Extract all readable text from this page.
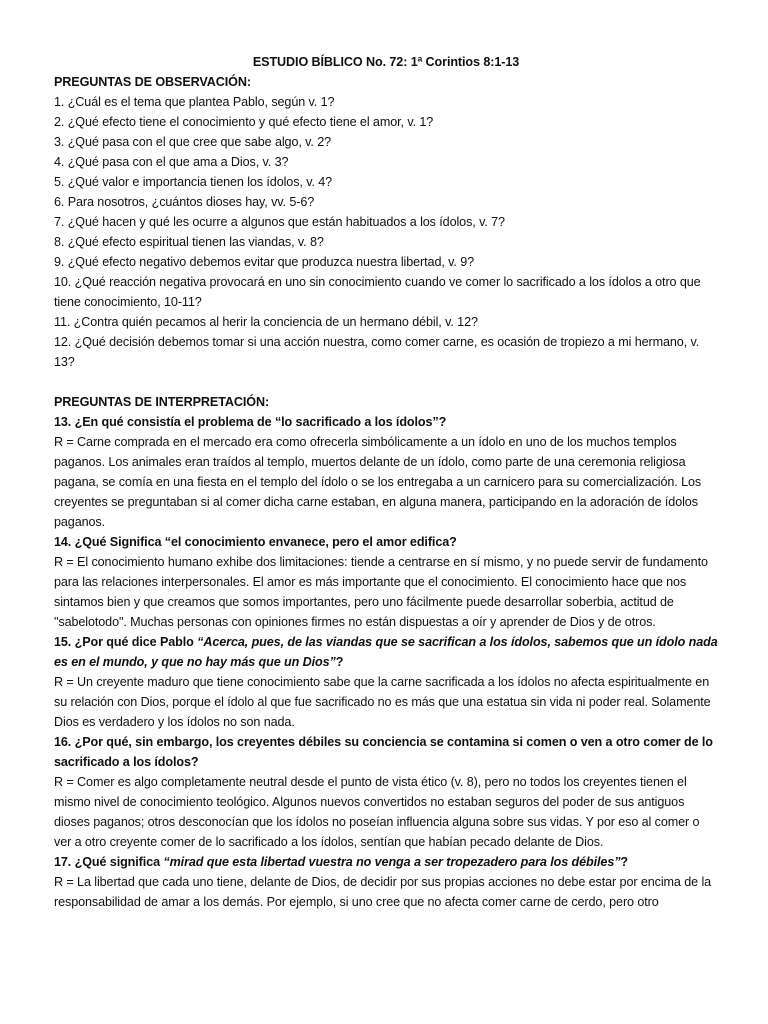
ESTUDIO BÍBLICO No. 72: 1ª Corintios 8:1-13
PREGUNTAS DE OBSERVACIÓN:
1. ¿Cuál es el tema que plantea Pablo, según v. 1?
2. ¿Qué efecto tiene el conocimiento y qué efecto tiene el amor, v. 1?
3. ¿Qué pasa con el que cree que sabe algo, v. 2?
4. ¿Qué pasa con el que ama a Dios, v. 3?
5. ¿Qué valor e importancia tienen los ídolos, v. 4?
6. Para nosotros, ¿cuántos dioses hay, vv. 5-6?
7. ¿Qué hacen y qué les ocurre a algunos que están habituados a los ídolos, v. 7?
8. ¿Qué efecto espiritual tienen las viandas, v. 8?
9. ¿Qué efecto negativo debemos evitar que produzca nuestra libertad, v. 9?
10. ¿Qué reacción negativa provocará en uno sin conocimiento cuando ve comer lo sacrificado a los ídolos a otro que tiene conocimiento, 10-11?
11. ¿Contra quién pecamos al herir la conciencia de un hermano débil, v. 12?
12. ¿Qué decisión debemos tomar si una acción nuestra, como comer carne, es ocasión de tropiezo a mi hermano, v. 13?
PREGUNTAS DE INTERPRETACIÓN:
13. ¿En qué consistía el problema de “lo sacrificado a los ídolos”?
R = Carne comprada en el mercado era como ofrecerla simbólicamente a un ídolo en uno de los muchos templos paganos. Los animales eran traídos al templo, muertos delante de un ídolo, como parte de una ceremonia religiosa pagana, se comía en una fiesta en el templo del ídolo o se los entregaba a un carnicero para su comercialización. Los creyentes se preguntaban si al comer dicha carne estaban, en alguna manera, participando en la adoración de ídolos paganos.
14. ¿Qué Significa “el conocimiento envanece, pero el amor edifica?
R = El conocimiento humano exhibe dos limitaciones: tiende a centrarse en sí mismo, y no puede servir de fundamento para las relaciones interpersonales. El amor es más importante que el conocimiento. El conocimiento hace que nos sintamos bien y que creamos que somos importantes, pero uno fácilmente puede desarrollar soberbia, actitud de "sabelotodo". Muchas personas con opiniones firmes no están dispuestas a oír y aprender de Dios y de otros.
15. ¿Por qué dice Pablo “Acerca, pues, de las viandas que se sacrifican a los ídolos, sabemos que un ídolo nada es en el mundo, y que no hay más que un Dios”?
R = Un creyente maduro que tiene conocimiento sabe que la carne sacrificada a los ídolos no afecta espiritualmente en su relación con Dios, porque el ídolo al que fue sacrificado no es más que una estatua sin vida ni poder real. Solamente Dios es verdadero y los ídolos no son nada.
16. ¿Por qué, sin embargo, los creyentes débiles su conciencia se contamina si comen o ven a otro comer de lo sacrificado a los ídolos?
R = Comer es algo completamente neutral desde el punto de vista ético (v. 8), pero no todos los creyentes tienen el mismo nivel de conocimiento teológico. Algunos nuevos convertidos no estaban seguros del poder de sus antiguos dioses paganos; otros desconocían que los ídolos no poseían influencia alguna sobre sus vidas. Y por eso al comer o ver a otro creyente comer de lo sacrificado a los ídolos, sentían que habían pecado delante de Dios.
17. ¿Qué significa “mirad que esta libertad vuestra no venga a ser tropezadero para los débiles”?
R = La libertad que cada uno tiene, delante de Dios, de decidir por sus propias acciones no debe estar por encima de la responsabilidad de amar a los demás. Por ejemplo, si uno cree que no afecta comer carne de cerdo, pero otro
